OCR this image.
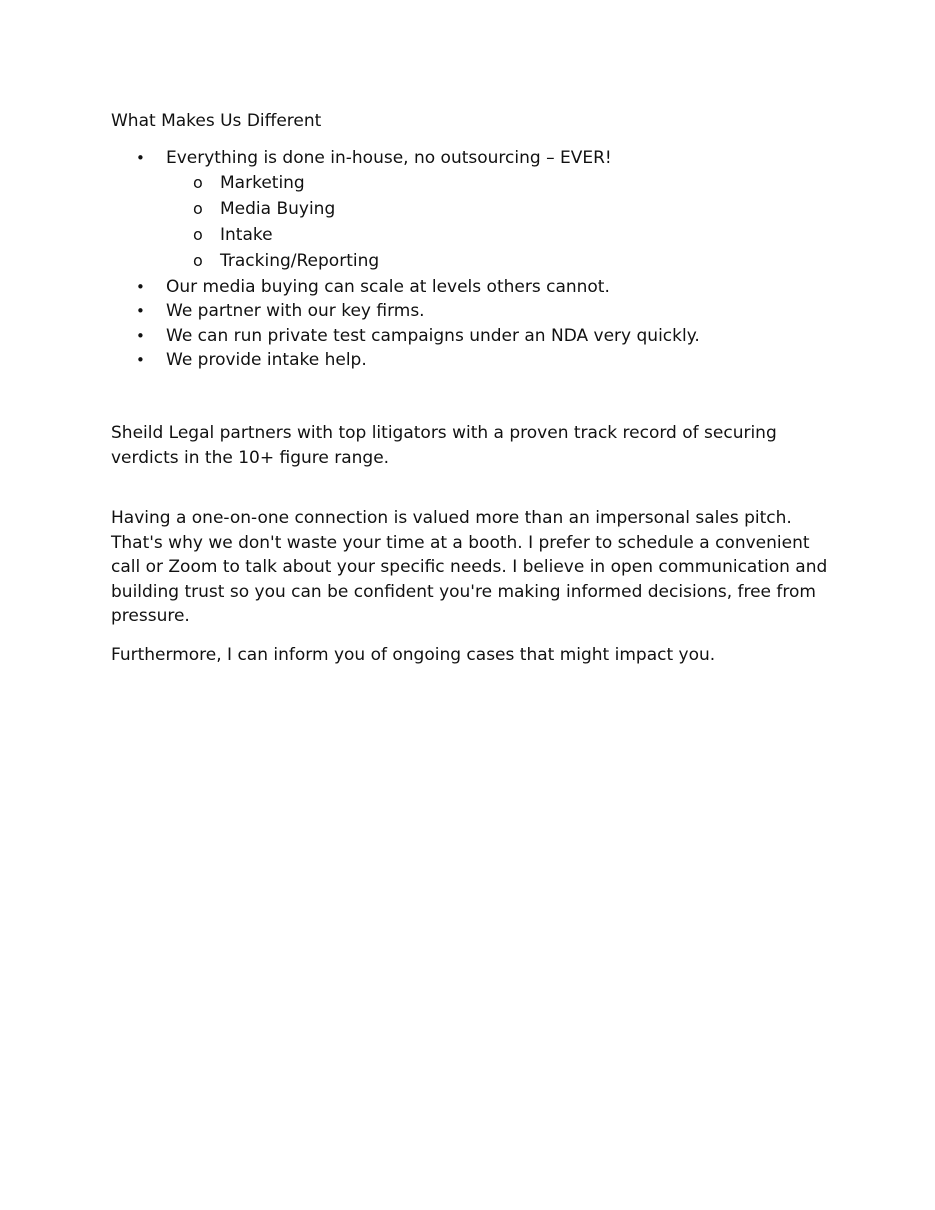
What Makes Us Different
• Everything is done in-house, no outsourcing – EVER!
o Marketing
o Media Buying
o Intake
o Tracking/Reporting
• Our media buying can scale at levels others cannot.
• We partner with our key firms.
• We can run private test campaigns under an NDA very quickly.
• We provide intake help.

Sheild Legal partners with top litigators with a proven track record of securing verdicts in the 10+ figure range.

Having a one-on-one connection is valued more than an impersonal sales pitch. That's why we don't waste your time at a booth. I prefer to schedule a convenient call or Zoom to talk about your specific needs. I believe in open communication and building trust so you can be confident you're making informed decisions, free from pressure.

Furthermore, I can inform you of ongoing cases that might impact you.
